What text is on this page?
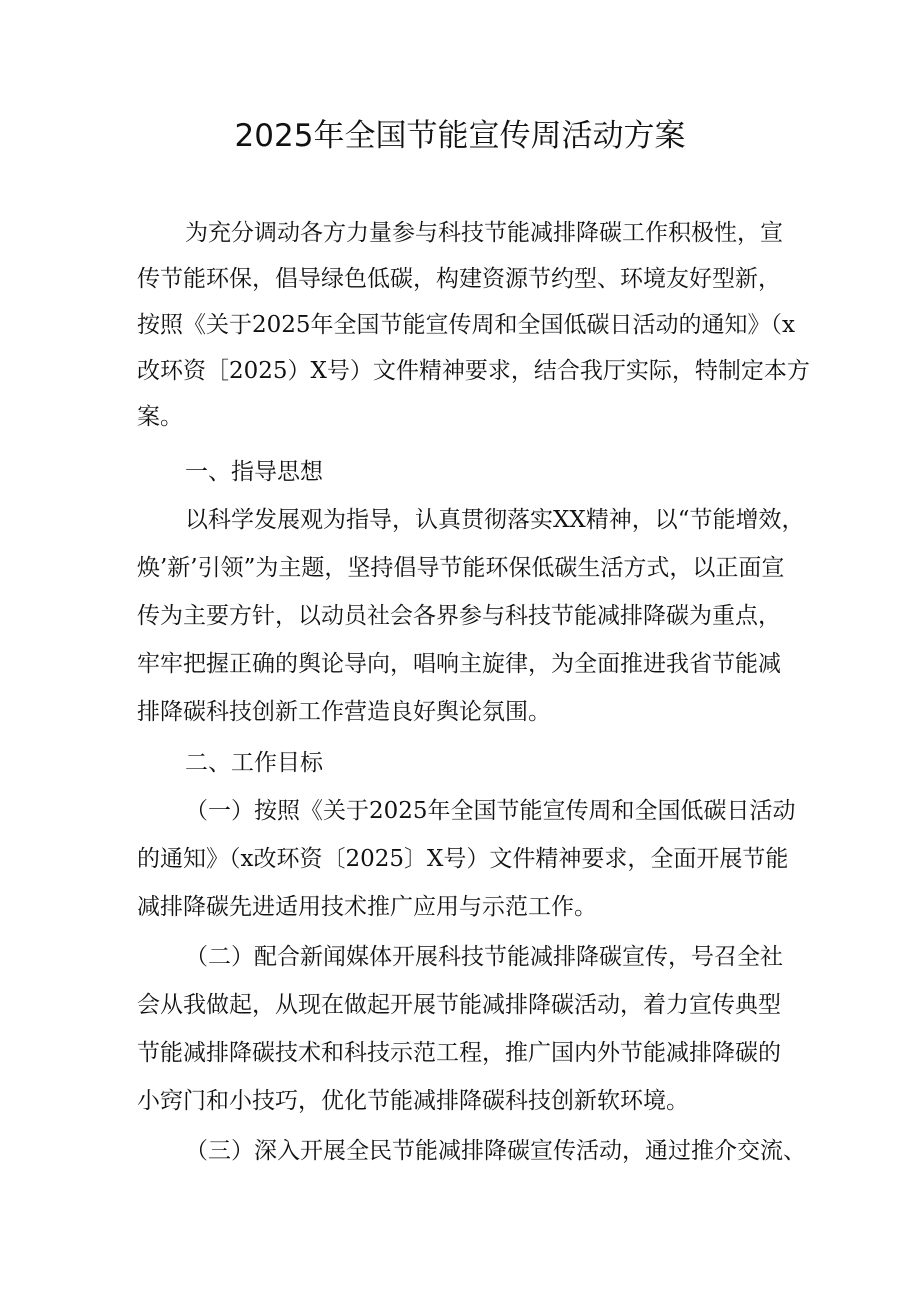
2025年全国节能宣传周活动方案

为充分调动各方力量参与科技节能减排降碳工作积极性，宣

传节能环保，倡导绿色低碳，构建资源节约型、环境友好型新，

按照《关于2025年全国节能宣传周和全国低碳日活动的通知》（x

改环资［2025）X号）文件精神要求，结合我厅实际，特制定本方

案。

一、指导思想

以科学发展观为指导，认真贯彻落实XX精神，以“节能增效，

焕’新’引领”为主题，坚持倡导节能环保低碳生活方式，以正面宣

传为主要方针，以动员社会各界参与科技节能减排降碳为重点，

牢牢把握正确的舆论导向，唱响主旋律，为全面推进我省节能减

排降碳科技创新工作营造良好舆论氛围。

二、工作目标

（一）按照《关于2025年全国节能宣传周和全国低碳日活动

的通知》（x改环资〔2025〕X号）文件精神要求，全面开展节能

减排降碳先进适用技术推广应用与示范工作。

（二）配合新闻媒体开展科技节能减排降碳宣传，号召全社

会从我做起，从现在做起开展节能减排降碳活动，着力宣传典型

节能减排降碳技术和科技示范工程，推广国内外节能减排降碳的

小窍门和小技巧，优化节能减排降碳科技创新软环境。

（三）深入开展全民节能减排降碳宣传活动，通过推介交流、
